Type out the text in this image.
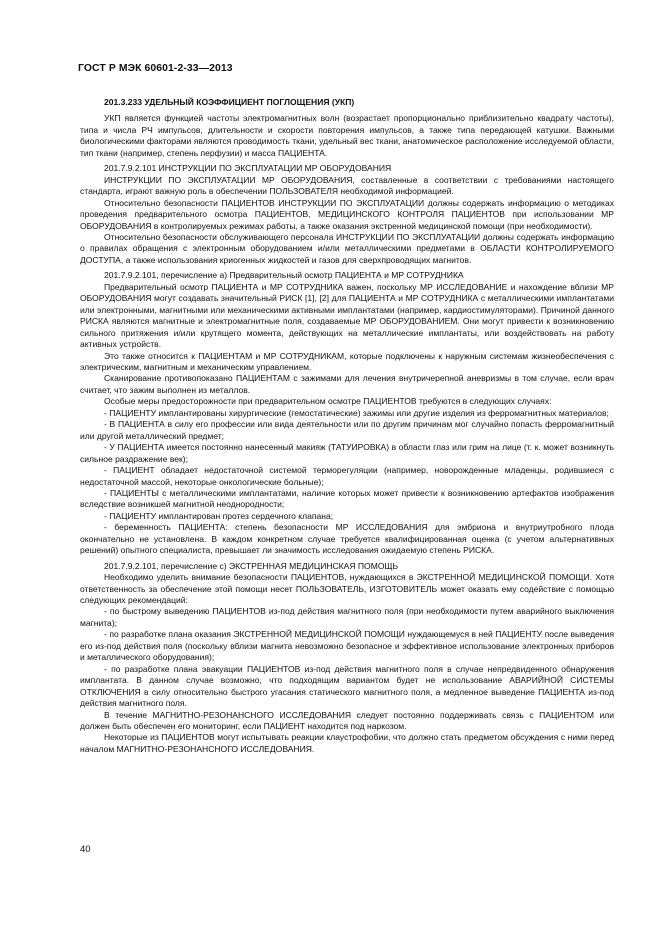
ГОСТ Р МЭК 60601-2-33—2013

201.3.233 УДЕЛЬНЫЙ КОЭФФИЦИЕНТ ПОГЛОЩЕНИЯ (УКП)

УКП является функцией частоты электромагнитных волн (возрастает пропорционально приблизительно квадрату частоты), типа и числа РЧ импульсов, длительности и скорости повторения импульсов, а также типа передающей катушки. Важными биологическими факторами являются проводимость ткани, удельный вес ткани, анатомическое расположение исследуемой области, тип ткани (например, степень перфузии) и масса ПАЦИЕНТА.

201.7.9.2.101 ИНСТРУКЦИИ ПО ЭКСПЛУАТАЦИИ МР ОБОРУДОВАНИЯ

ИНСТРУКЦИИ ПО ЭКСПЛУАТАЦИИ МР ОБОРУДОВАНИЯ, составленные в соответствии с требованиями настоящего стандарта, играют важную роль в обеспечении ПОЛЬЗОВАТЕЛЯ необходимой информацией.

Относительно безопасности ПАЦИЕНТОВ ИНСТРУКЦИИ ПО ЭКСПЛУАТАЦИИ должны содержать информацию о методиках проведения предварительного осмотра ПАЦИЕНТОВ, МЕДИЦИНСКОГО КОНТРОЛЯ ПАЦИЕНТОВ при использовании МР ОБОРУДОВАНИЯ в контролируемых режимах работы, а также оказания экстренной медицинской помощи (при необходимости).

Относительно безопасности обслуживающего персонала ИНСТРУКЦИИ ПО ЭКСПЛУАТАЦИИ должны содержать информацию о правилах обращения с электронным оборудованием и/или металлическими предметами в ОБЛАСТИ КОНТРОЛИРУЕМОГО ДОСТУПА, а также использования криогенных жидкостей и газов для сверхпроводящих магнитов.

201.7.9.2.101, перечисление а) Предварительный осмотр ПАЦИЕНТА и МР СОТРУДНИКА

Предварительный осмотр ПАЦИЕНТА и МР СОТРУДНИКА важен, поскольку МР ИССЛЕДОВАНИЕ и нахождение вблизи МР ОБОРУДОВАНИЯ могут создавать значительный РИСК [1], [2] для ПАЦИЕНТА и МР СОТРУДНИКА с металлическими имплантатами или электронными, магнитными или механическими активными имплантатами (например, кардиостимуляторами). Причиной данного РИСКА являются магнитные и электромагнитные поля, создаваемые МР ОБОРУДОВАНИЕМ. Они могут привести к возникновению сильного притяжения и/или крутящего момента, действующих на металлические имплантаты, или воздействовать на работу активных устройств.

Это также относится к ПАЦИЕНТАМ и МР СОТРУДНИКАМ, которые подключены к наружным системам жизнеобеспечения с электрическим, магнитным и механическим управлением.

Сканирование противопоказано ПАЦИЕНТАМ с зажимами для лечения внутричерепной аневризмы в том случае, если врач считает, что зажим выполнен из металлов.

Особые меры предосторожности при предварительном осмотре ПАЦИЕНТОВ требуются в следующих случаях:

- ПАЦИЕНТУ имплантированы хирургические (гемостатические) зажимы или другие изделия из ферромагнитных материалов;

- В ПАЦИЕНТА в силу его профессии или вида деятельности или по другим причинам мог случайно попасть ферромагнитный или другой металлический предмет;

- У ПАЦИЕНТА имеется постоянно нанесенный макияж (ТАТУИРОВКА) в области глаз или грим на лице (т. к. может возникнуть сильное раздражение век);

- ПАЦИЕНТ обладает недостаточной системой терморегуляции (например, новорожденные младенцы, родившиеся с недостаточной массой, некоторые онкологические больные);

- ПАЦИЕНТЫ с металлическими имплантатами, наличие которых может привести к возникновению артефактов изображения вследствие возникшей магнитной неоднородности;

- ПАЦИЕНТУ имплантирован протез сердечного клапана;

- беременность ПАЦИЕНТА: степень безопасности МР ИССЛЕДОВАНИЯ для эмбриона и внутриутробного плода окончательно не установлена. В каждом конкретном случае требуется квалифицированная оценка (с учетом альтернативных решений) опытного специалиста, превышает ли значимость исследования ожидаемую степень РИСКА.

201.7.9.2.101, перечисление с) ЭКСТРЕННАЯ МЕДИЦИНСКАЯ ПОМОЩЬ

Необходимо уделить внимание безопасности ПАЦИЕНТОВ, нуждающихся в ЭКСТРЕННОЙ МЕДИЦИНСКОЙ ПОМОЩИ. Хотя ответственность за обеспечение этой помощи несет ПОЛЬЗОВАТЕЛЬ, ИЗГОТОВИТЕЛЬ может оказать ему содействие с помощью следующих рекомендаций:

- по быстрому выведению ПАЦИЕНТОВ из-под действия магнитного поля (при необходимости путем аварийного выключения магнита);

- по разработке плана оказания ЭКСТРЕННОЙ МЕДИЦИНСКОЙ ПОМОЩИ нуждающемуся в ней ПАЦИЕНТУ после выведения его из-под действия поля (поскольку вблизи магнита невозможно безопасное и эффективное использование электронных приборов и металлического оборудования);

- по разработке плана эвакуации ПАЦИЕНТОВ из-под действия магнитного поля в случае непредвиденного обнаружения имплантата. В данном случае возможно, что подходящим вариантом будет не использование АВАРИЙНОЙ СИСТЕМЫ ОТКЛЮЧЕНИЯ в силу относительно быстрого угасания статического магнитного поля, а медленное выведение ПАЦИЕНТА из-под действия магнитного поля.

В течение МАГНИТНО-РЕЗОНАНСНОГО ИССЛЕДОВАНИЯ следует постоянно поддерживать связь с ПАЦИЕНТОМ или должен быть обеспечен его мониторинг, если ПАЦИЕНТ находится под наркозом.

Некоторые из ПАЦИЕНТОВ могут испытывать реакции клаустрофобии, что должно стать предметом обсуждения с ними перед началом МАГНИТНО-РЕЗОНАНСНОГО ИССЛЕДОВАНИЯ.

40
